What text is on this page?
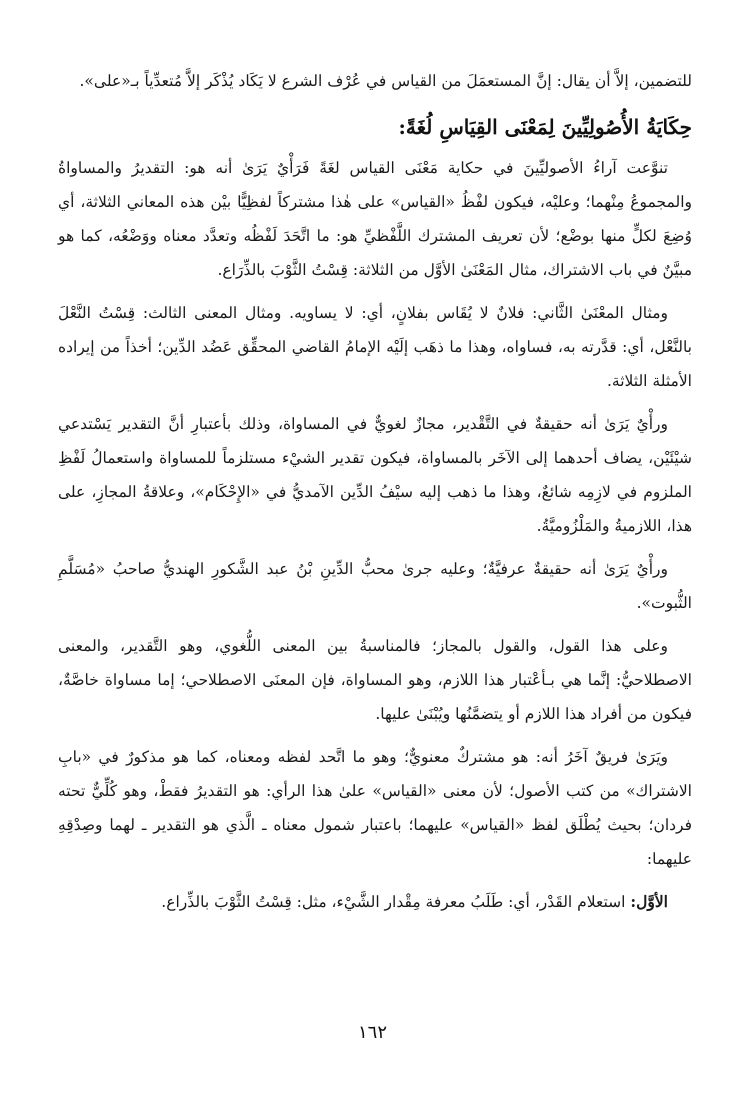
للتضمين، إلاَّ أن يقال: إنَّ المستعمَلَ من القياس في عُرْف الشرع لا يَكَاد يُذْكَر إلاَّ مُتعدِّياً بـ«على».

حِكَايَةُ الأُصُولِيِّينَ لِمَعْنَى القِيَاسِ لُغَةً:

تنوَّعت آراءُ الأصوليِّينَ في حكاية مَعْنَى القياس لغَةً فَرَأْيٌ يَرَىٰ أنه هو: التقديرُ والمساواةُ والمجموعُ مِنْهما؛ وعليْه، فيكون لفْظُ «القياس» على هٰذا مشتركاً لفظِيًّا بيْن هذه المعاني الثلاثة، أي وُضِعَ لكلٍّ منها بوضْع؛ لأن تعريف المشترك اللَّفْظيِّ هو: ما اتَّحَدَ لَفْظُه وتعدَّد معناه ووَضْعُه، كما هو مبيَّنٌ في باب الاشتراك، مثال المَعْنَىٰ الأوَّل من الثلاثة: قِسْتُ الثَّوْبَ بالذِّرَاع.

ومثال المعْنَىٰ الثَّاني: فلانٌ لا يُقَاس بفلانٍ، أي: لا يساويه. ومثال المعنى الثالث: قِسْتُ النَّعْلَ بالنَّعْل، أي: قدَّرته به، فساواه، وهذا ما ذهَب إلَيْه الإمامُ القاضي المحقِّق عَضُد الدِّين؛ أخذاً من إيراده الأمثلة الثلاثة.

ورأْيٌ يَرَىٰ أنه حقيقةٌ في التَّقْدير، مجازٌ لغويٌّ في المساواة، وذلك بأعتبارِ أنَّ التقدير يَسْتدعي شيْئَيْن، يضاف أحدهما إلى الآخَر بالمساواة، فيكون تقدير الشيْء مستلزماً للمساواة واستعمالُ لَفْظِ الملزوم في لازِمِه شائعٌ، وهذا ما ذهب إليه سيْفُ الدِّين الآمديُّ في «الإِحْكَام»، وعلاقةُ المجازِ، على هذا، اللازميةُ والمَلْزُوميَّةُ.

ورأْيٌ يَرَىٰ أنه حقيقةٌ عرفيَّةٌ؛ وعليه جرىٰ محبُّ الدِّينِ بْنُ عبد الشَّكورِ الهنديُّ صاحبُ «مُسَلَّمِ الثُّبوت».

وعلى هذا القول، والقول بالمجاز؛ فالمناسبةُ بين المعنى اللُّغوي، وهو التَّقدير، والمعنى الاصطلاحيُّ: إنَّما هي بـأعْتبار هذا اللازم، وهو المساواة، فإن المعنَى الاصطلاحي؛ إما مساواة خاصَّةٌ، فيكون من أفراد هذا اللازم أو يتضمَّنُها ويُبْنَىٰ عليها.

ويَرَىٰ فريقٌ آخَرُ أنه: هو مشتركٌ معنويٌّ؛ وهو ما اتَّحد لفظه ومعناه، كما هو مذكورٌ في «بابِ الاشتراك» من كتب الأصول؛ لأن معنى «القياس» علىٰ هذا الرأي: هو التقديرُ فقطْ، وهو كُلِّيٌّ تحته فردان؛ بحيث يُطْلَق لفظ «القياس» عليهما؛ باعتبار شمول معناه ـ الَّذي هو التقدير ـ لهما وصِدْقِهِ عليهما:

الأوَّل: استعلام القَدْر، أي: طَلَبُ معرفة مِقْدار الشَّيْء، مثل: قِسْتُ الثَّوْبَ بالذِّراع.

١٦٢
